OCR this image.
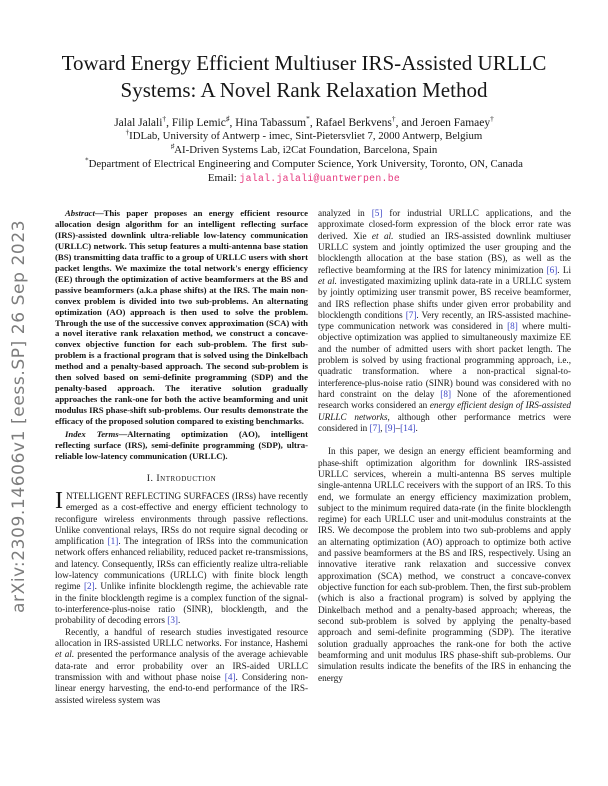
arXiv:2309.14606v1 [eess.SP] 26 Sep 2023
Toward Energy Efficient Multiuser IRS-Assisted URLLC Systems: A Novel Rank Relaxation Method
Jalal Jalali†, Filip Lemic♯, Hina Tabassum*, Rafael Berkvens†, and Jeroen Famaey†
†IDLab, University of Antwerp - imec, Sint-Pietersvliet 7, 2000 Antwerp, Belgium
♯AI-Driven Systems Lab, i2Cat Foundation, Barcelona, Spain
*Department of Electrical Engineering and Computer Science, York University, Toronto, ON, Canada
Email: jalal.jalali@uantwerpen.be

Abstract—This paper proposes an energy efficient resource allocation design algorithm for an intelligent reflecting surface (IRS)-assisted downlink ultra-reliable low-latency communication (URLLC) network. This setup features a multi-antenna base station (BS) transmitting data traffic to a group of URLLC users with short packet lengths. We maximize the total network's energy efficiency (EE) through the optimization of active beamformers at the BS and passive beamformers (a.k.a phase shifts) at the IRS. The main non-convex problem is divided into two sub-problems. An alternating optimization (AO) approach is then used to solve the problem. Through the use of the successive convex approximation (SCA) with a novel iterative rank relaxation method, we construct a concave-convex objective function for each sub-problem. The first sub-problem is a fractional program that is solved using the Dinkelbach method and a penalty-based approach. The second sub-problem is then solved based on semi-definite programming (SDP) and the penalty-based approach. The iterative solution gradually approaches the rank-one for both the active beamforming and unit modulus IRS phase-shift sub-problems. Our results demonstrate the efficacy of the proposed solution compared to existing benchmarks.

Index Terms—Alternating optimization (AO), intelligent reflecting surface (IRS), semi-definite programming (SDP), ultra-reliable low-latency communication (URLLC).

I. Introduction

INTELLIGENT REFLECTING SURFACES (IRSs) have recently emerged as a cost-effective and energy efficient technology to reconfigure wireless environments through passive reflections. Unlike conventional relays, IRSs do not require signal decoding or amplification [1]. The integration of IRSs into the communication network offers enhanced reliability, reduced packet re-transmissions, and latency. Consequently, IRSs can efficiently realize ultra-reliable low-latency communications (URLLC) with finite block length regime [2]. Unlike infinite blocklength regime, the achievable rate in the finite blocklength regime is a complex function of the signal-to-interference-plus-noise ratio (SINR), blocklength, and the probability of decoding errors [3].

Recently, a handful of research studies investigated resource allocation in IRS-assisted URLLC networks. For instance, Hashemi et al. presented the performance analysis of the average achievable data-rate and error probability over an IRS-aided URLLC transmission with and without phase noise [4]. Considering non-linear energy harvesting, the end-to-end performance of the IRS-assisted wireless system was

analyzed in [5] for industrial URLLC applications, and the approximate closed-form expression of the block error rate was derived. Xie et al. studied an IRS-assisted downlink multiuser URLLC system and jointly optimized the user grouping and the blocklength allocation at the base station (BS), as well as the reflective beamforming at the IRS for latency minimization [6]. Li et al. investigated maximizing uplink data-rate in a URLLC system by jointly optimizing user transmit power, BS receive beamformer, and IRS reflection phase shifts under given error probability and blocklength conditions [7]. Very recently, an IRS-assisted machine-type communication network was considered in [8] where multi-objective optimization was applied to simultaneously maximize EE and the number of admitted users with short packet length. The problem is solved by using fractional programming approach, i.e., quadratic transformation. where a non-practical signal-to-interference-plus-noise ratio (SINR) bound was considered with no hard constraint on the delay [8] None of the aforementioned research works considered an energy efficient design of IRS-assisted URLLC networks, although other performance metrics were considered in [7], [9]–[14].

In this paper, we design an energy efficient beamforming and phase-shift optimization algorithm for downlink IRS-assisted URLLC services, wherein a multi-antenna BS serves multiple single-antenna URLLC receivers with the support of an IRS. To this end, we formulate an energy efficiency maximization problem, subject to the minimum required data-rate (in the finite blocklength regime) for each URLLC user and unit-modulus constraints at the IRS. We decompose the problem into two sub-problems and apply an alternating optimization (AO) approach to optimize both active and passive beamformers at the BS and IRS, respectively. Using an innovative iterative rank relaxation and successive convex approximation (SCA) method, we construct a concave-convex objective function for each sub-problem. Then, the first sub-problem (which is also a fractional program) is solved by applying the Dinkelbach method and a penalty-based approach; whereas, the second sub-problem is solved by applying the penalty-based approach and semi-definite programming (SDP). The iterative solution gradually approaches the rank-one for both the active beamforming and unit modulus IRS phase-shift sub-problems. Our simulation results indicate the benefits of the IRS in enhancing the energy
